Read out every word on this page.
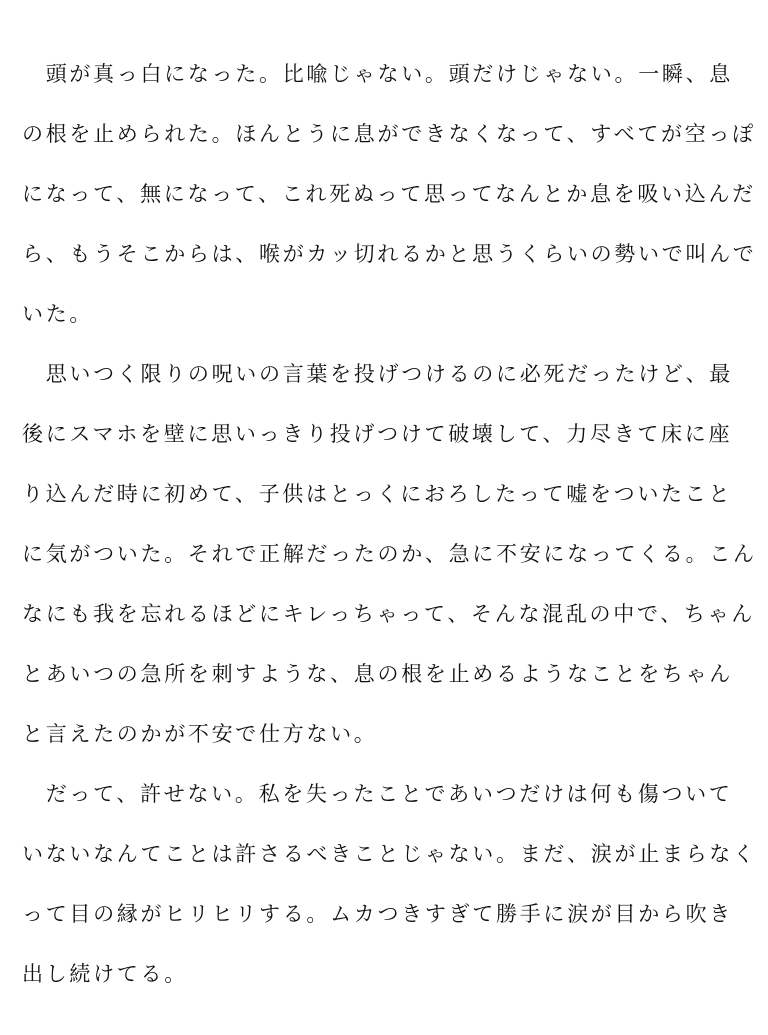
　頭が真っ白になった。比喩じゃない。頭だけじゃない。一瞬、息
の根を止められた。ほんとうに息ができなくなって、すべてが空っぽ
になって、無になって、これ死ぬって思ってなんとか息を吸い込んだ
ら、もうそこからは、喉がカッ切れるかと思うくらいの勢いで叫んで
いた。
　思いつく限りの呪いの言葉を投げつけるのに必死だったけど、最
後にスマホを壁に思いっきり投げつけて破壊して、力尽きて床に座
り込んだ時に初めて、子供はとっくにおろしたって嘘をついたこと
に気がついた。それで正解だったのか、急に不安になってくる。こん
なにも我を忘れるほどにキレっちゃって、そんな混乱の中で、ちゃん
とあいつの急所を刺すような、息の根を止めるようなことをちゃん
と言えたのかが不安で仕方ない。
　だって、許せない。私を失ったことであいつだけは何も傷ついて
いないなんてことは許さるべきことじゃない。まだ、涙が止まらなく
って目の縁がヒリヒリする。ムカつきすぎて勝手に涙が目から吹き
出し続けてる。
